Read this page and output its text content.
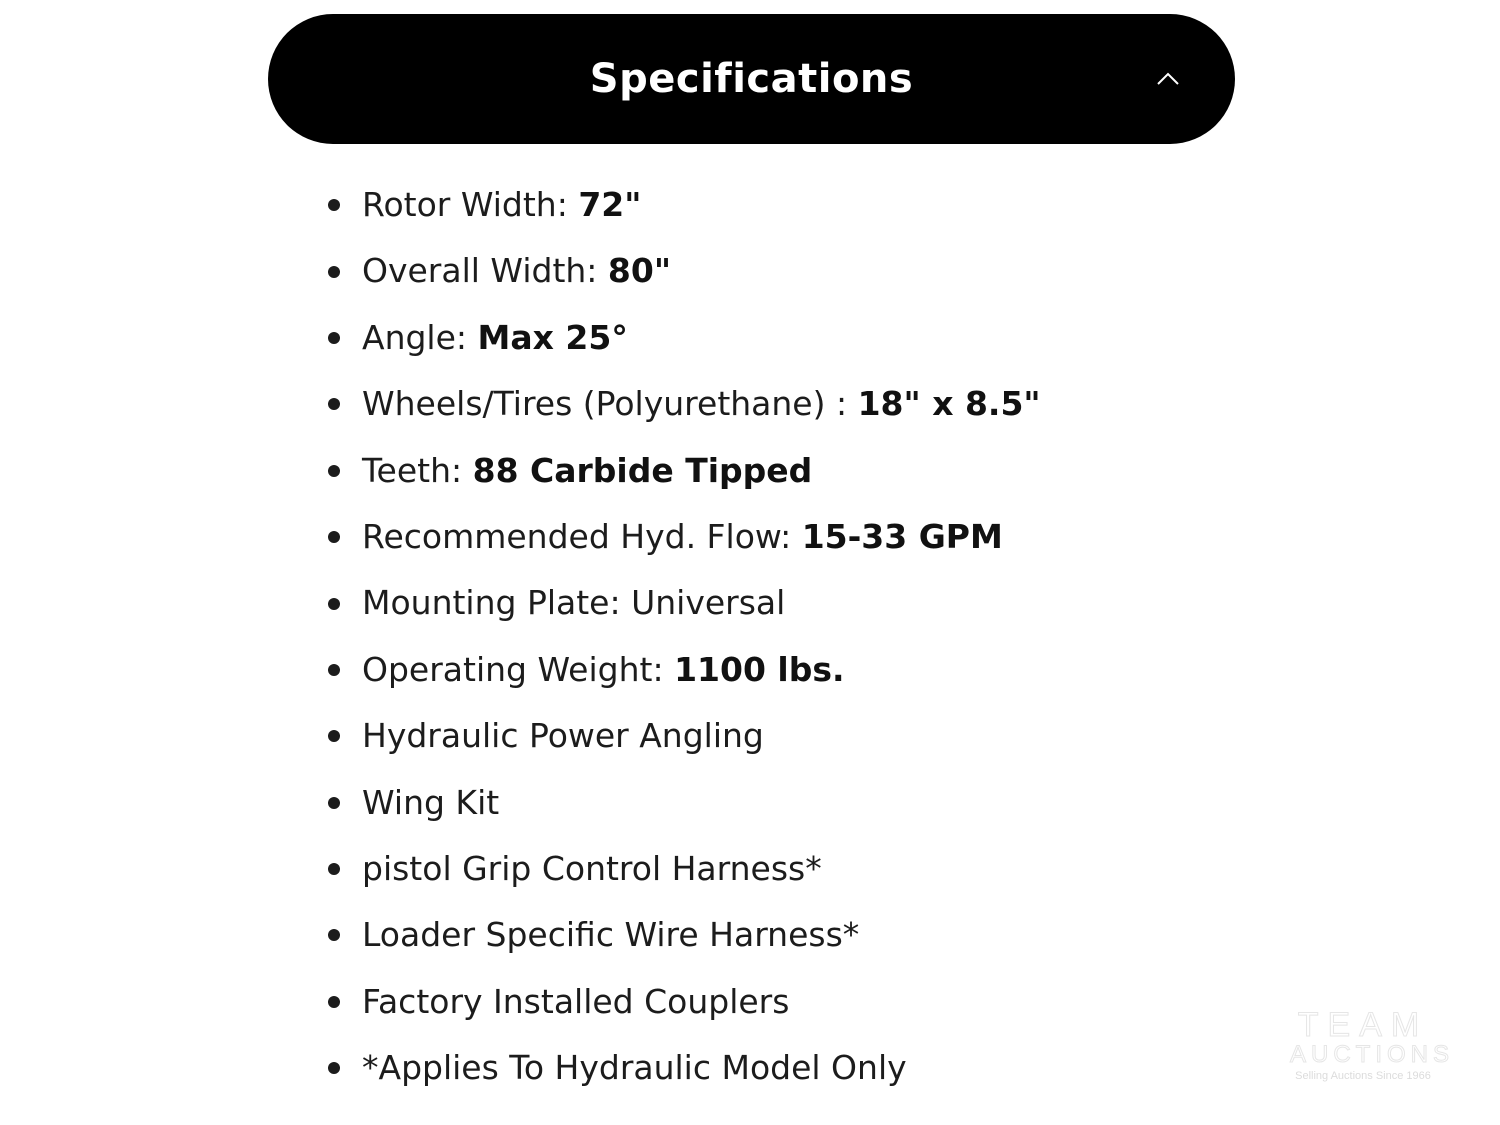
Specifications
Rotor Width: 72"
Overall Width: 80"
Angle: Max 25°
Wheels/Tires (Polyurethane) : 18" x 8.5"
Teeth: 88 Carbide Tipped
Recommended Hyd. Flow: 15-33 GPM
Mounting Plate: Universal
Operating Weight: 1100 lbs.
Hydraulic Power Angling
Wing Kit
pistol Grip Control Harness*
Loader Specific Wire Harness*
Factory Installed Couplers
*Applies To Hydraulic Model Only
TEAM
AUCTIONS
Selling Auctions Since 1966
